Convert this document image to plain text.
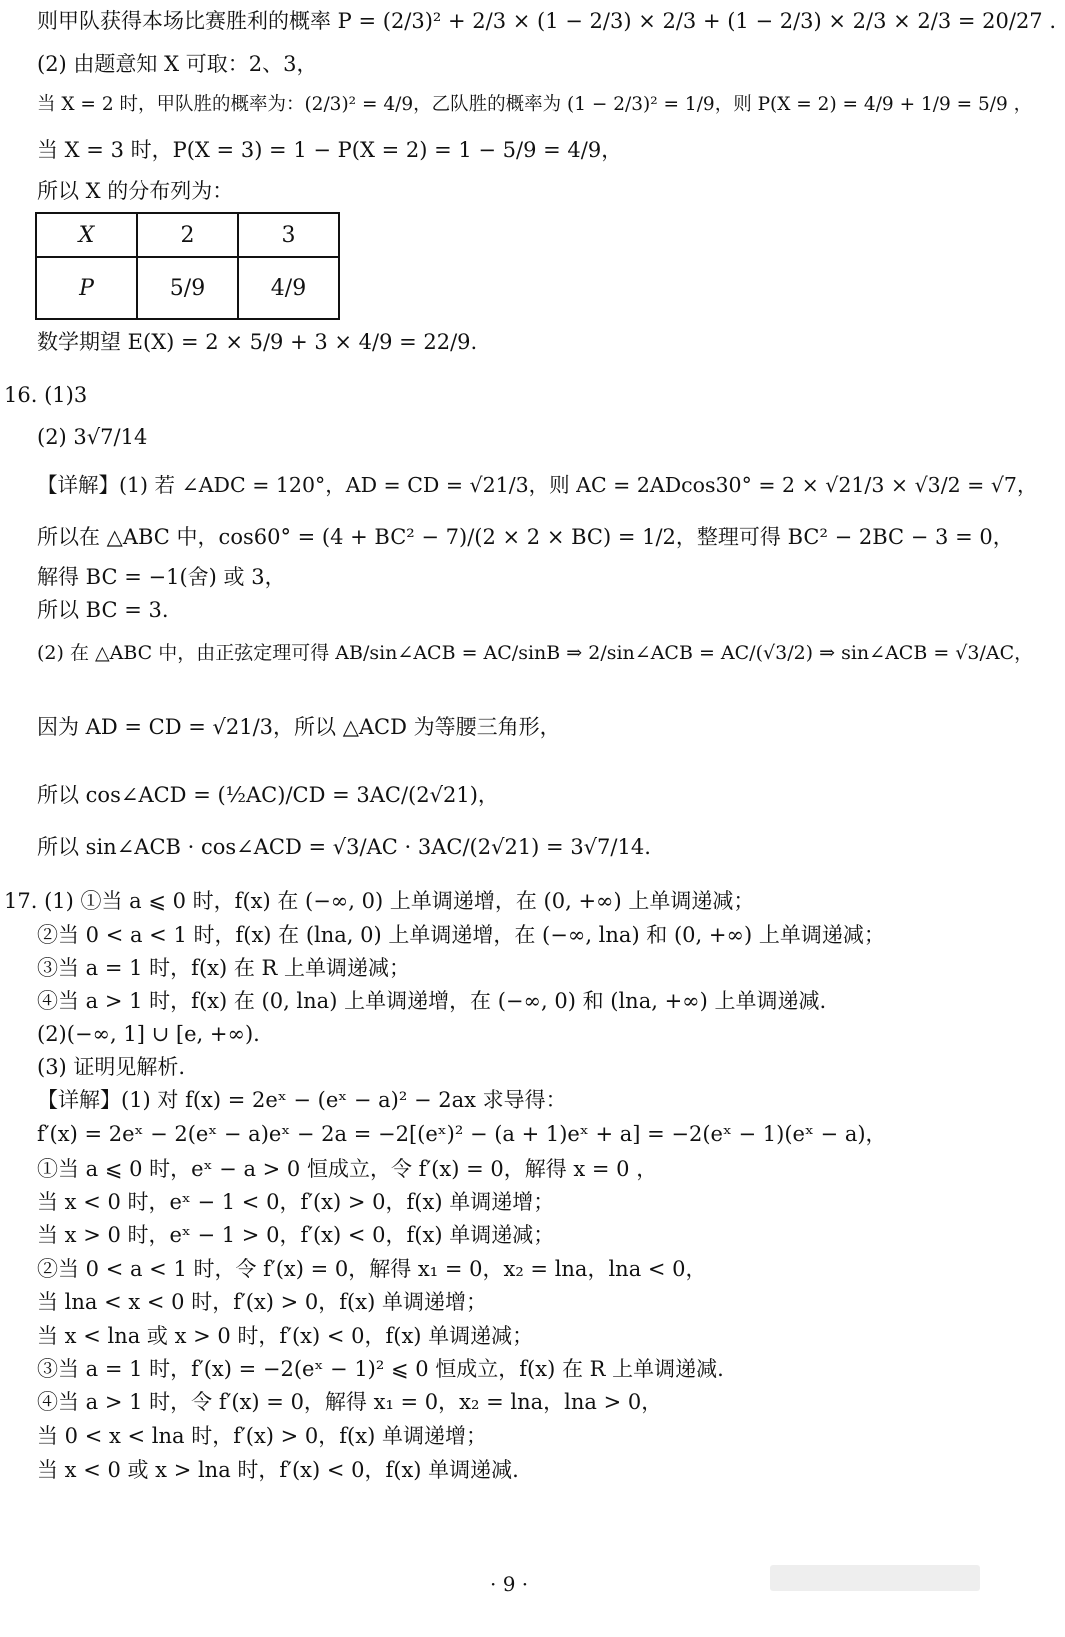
则甲队获得本场比赛胜利的概率 P = (2/3)² + 2/3 × (1 − 2/3) × 2/3 + (1 − 2/3) × 2/3 × 2/3 = 20/27 .
(2) 由题意知 X 可取：2、3，
当 X = 2 时，甲队胜的概率为：(2/3)² = 4/9，乙队胜的概率为 (1 − 2/3)² = 1/9，则 P(X = 2) = 4/9 + 1/9 = 5/9 ，
当 X = 3 时，P(X = 3) = 1 − P(X = 2) = 1 − 5/9 = 4/9，
所以 X 的分布列为：
X	2	3
P	5/9	4/9
数学期望 E(X) = 2 × 5/9 + 3 × 4/9 = 22/9.
16. (1)3
(2) 3√7/14
【详解】(1) 若 ∠ADC = 120°，AD = CD = √21/3，则 AC = 2ADcos30° = 2 × √21/3 × √3/2 = √7，
所以在 △ABC 中，cos60° = (4 + BC² − 7)/(2 × 2 × BC) = 1/2，整理可得 BC² − 2BC − 3 = 0，
解得 BC = −1(舍) 或 3，
所以 BC = 3.
(2) 在 △ABC 中，由正弦定理可得 AB/sin∠ACB = AC/sinB ⇒ 2/sin∠ACB = AC/(√3/2) ⇒ sin∠ACB = √3/AC，
因为 AD = CD = √21/3，所以 △ACD 为等腰三角形，
所以 cos∠ACD = (½AC)/CD = 3AC/(2√21)，
所以 sin∠ACB · cos∠ACD = √3/AC · 3AC/(2√21) = 3√7/14.
17. (1) ①当 a ⩽ 0 时，f(x) 在 (−∞, 0) 上单调递增，在 (0, +∞) 上单调递减；
②当 0 < a < 1 时，f(x) 在 (lna, 0) 上单调递增，在 (−∞, lna) 和 (0, +∞) 上单调递减；
③当 a = 1 时，f(x) 在 R 上单调递减；
④当 a > 1 时，f(x) 在 (0, lna) 上单调递增，在 (−∞, 0) 和 (lna, +∞) 上单调递减.
(2)(−∞, 1] ∪ [e, +∞).
(3) 证明见解析.
【详解】(1) 对 f(x) = 2eˣ − (eˣ − a)² − 2ax 求导得：
f′(x) = 2eˣ − 2(eˣ − a)eˣ − 2a = −2[(eˣ)² − (a + 1)eˣ + a] = −2(eˣ − 1)(eˣ − a)，
①当 a ⩽ 0 时，eˣ − a > 0 恒成立，令 f′(x) = 0，解得 x = 0 ，
当 x < 0 时，eˣ − 1 < 0，f′(x) > 0，f(x) 单调递增；
当 x > 0 时，eˣ − 1 > 0，f′(x) < 0，f(x) 单调递减；
②当 0 < a < 1 时，令 f′(x) = 0，解得 x₁ = 0，x₂ = lna，lna < 0，
当 lna < x < 0 时，f′(x) > 0，f(x) 单调递增；
当 x < lna 或 x > 0 时，f′(x) < 0，f(x) 单调递减；
③当 a = 1 时，f′(x) = −2(eˣ − 1)² ⩽ 0 恒成立，f(x) 在 R 上单调递减.
④当 a > 1 时，令 f′(x) = 0，解得 x₁ = 0，x₂ = lna，lna > 0，
当 0 < x < lna 时，f′(x) > 0，f(x) 单调递增；
当 x < 0 或 x > lna 时，f′(x) < 0，f(x) 单调递减.
· 9 ·
